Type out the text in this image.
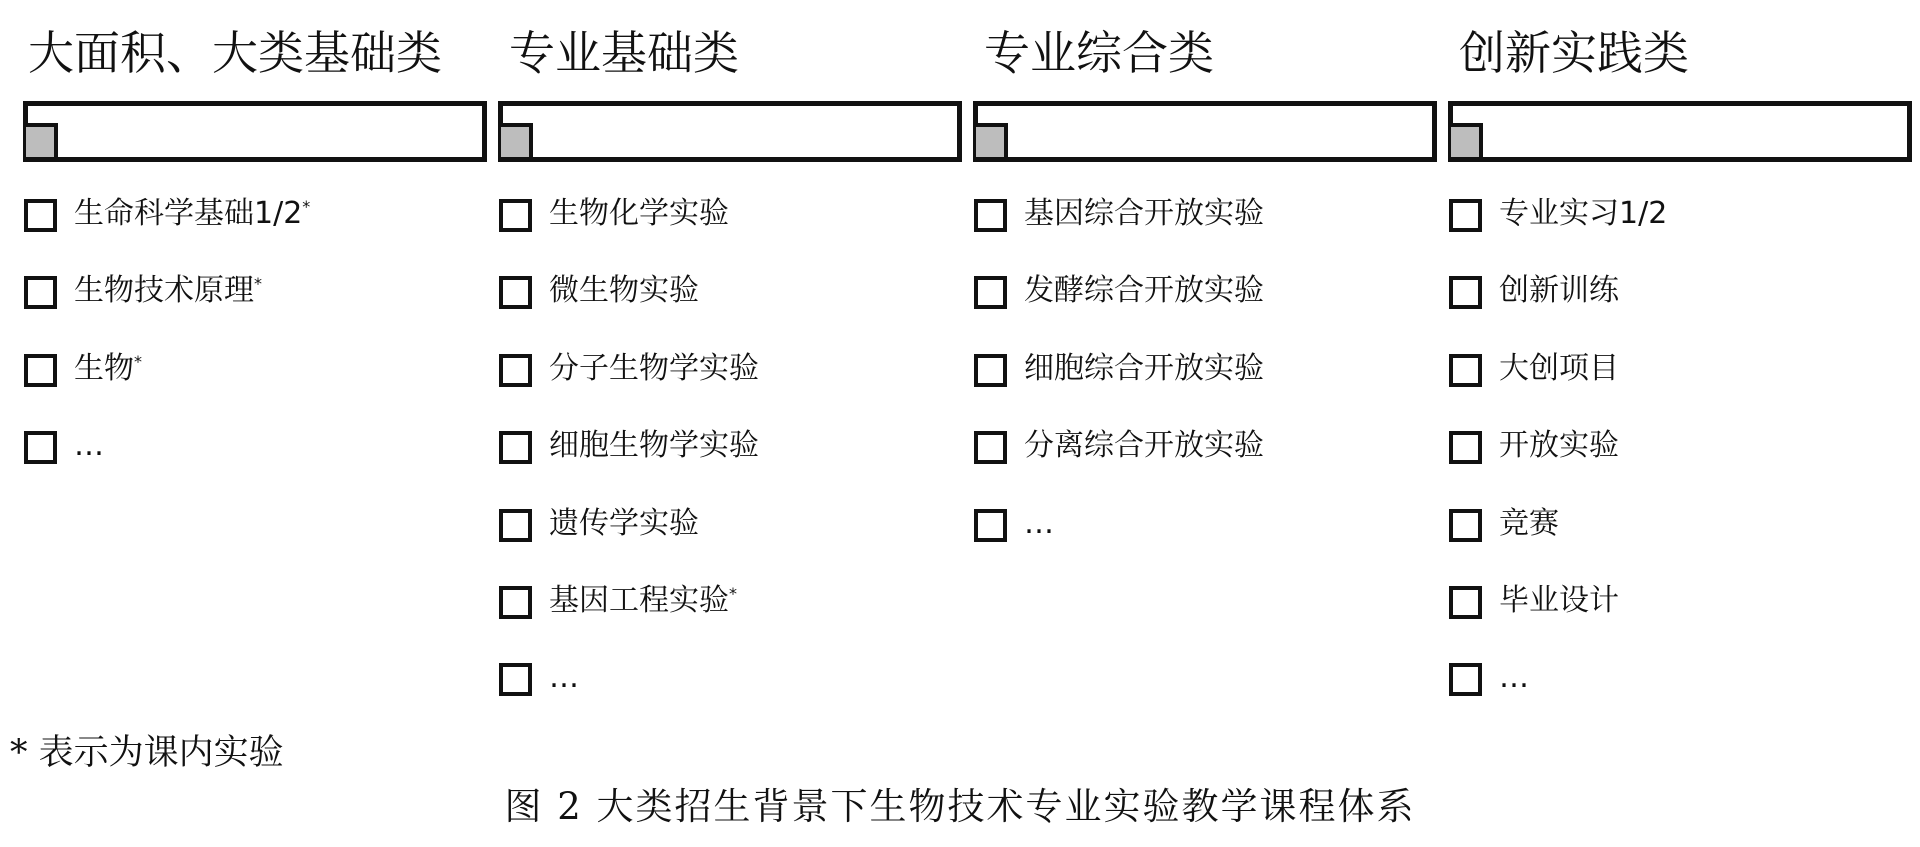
大面积、大类基础类
生命科学基础1/2*
生物技术原理*
生物*
…
专业基础类
生物化学实验
微生物实验
分子生物学实验
细胞生物学实验
遗传学实验
基因工程实验*
…
专业综合类
基因综合开放实验
发酵综合开放实验
细胞综合开放实验
分离综合开放实验
…
创新实践类
专业实习1/2
创新训练
大创项目
开放实验
竞赛
毕业设计
…
* 表示为课内实验
图 2 大类招生背景下生物技术专业实验教学课程体系
